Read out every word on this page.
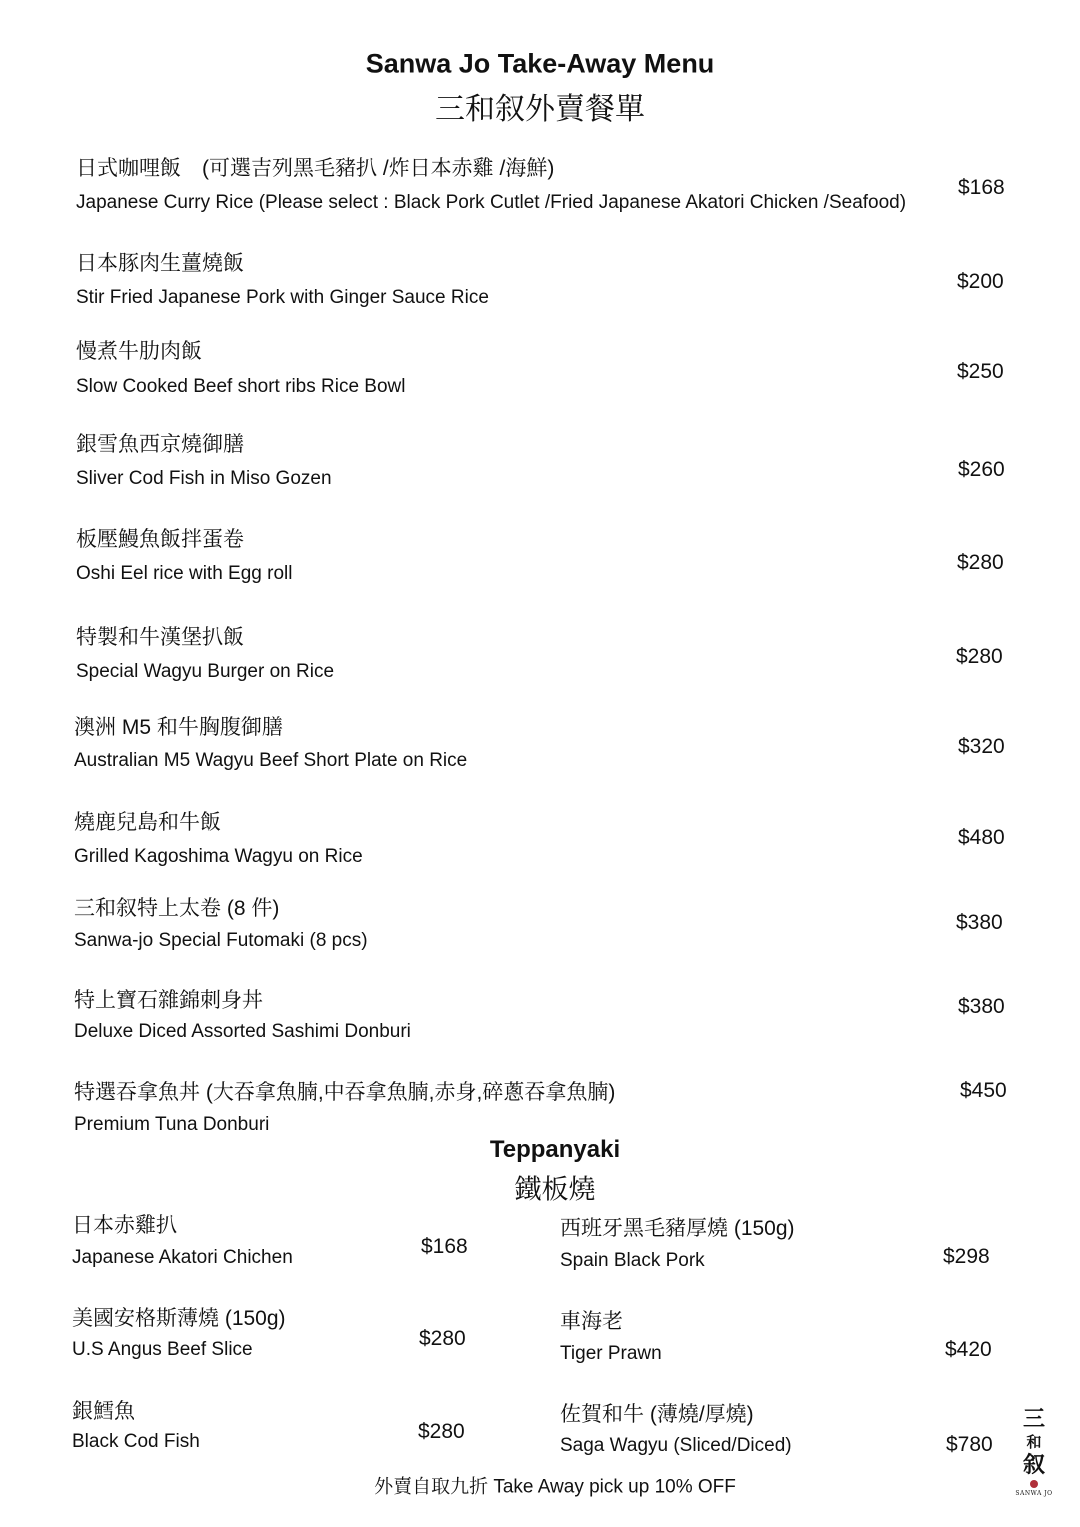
Sanwa Jo Take-Away Menu
三和叙外賣餐單
日式咖哩飯　(可選吉列黑毛豬扒 /炸日本赤雞 /海鮮)
Japanese Curry Rice (Please select : Black Pork Cutlet /Fried Japanese Akatori Chicken /Seafood)
$168
日本豚肉生薑燒飯
Stir Fried Japanese Pork with Ginger Sauce Rice
$200
慢煮牛肋肉飯
Slow Cooked Beef short ribs Rice Bowl
$250
銀雪魚西京燒御膳
Sliver Cod Fish in Miso Gozen	$260
板壓鰻魚飯拌蛋卷
Oshi Eel rice with Egg roll	$280
特製和牛漢堡扒飯
Special Wagyu Burger on Rice
$280
澳洲 M5 和牛胸腹御膳
Australian M5 Wagyu Beef Short Plate on Rice
$320
燒鹿兒島和牛飯
Grilled Kagoshima Wagyu on Rice
$480
三和叙特上太卷 (8 件)
Sanwa-jo Special Futomaki (8 pcs)
$380
特上寶石雜錦刺身丼
Deluxe Diced Assorted Sashimi Donburi
$380
特選吞拿魚丼 (大吞拿魚腩,中吞拿魚腩,赤身,碎蔥吞拿魚腩)
Premium Tuna Donburi
$450
Teppanyaki
鐵板燒
日本赤雞扒
Japanese Akatori Chichen	$168
美國安格斯薄燒 (150g)
U.S Angus Beef Slice	$280
銀鱈魚
Black Cod Fish	$280
西班牙黑毛豬厚燒 (150g)
Spain Black Pork	$298
車海老
Tiger Prawn	$420
佐賀和牛 (薄燒/厚燒)
Saga Wagyu (Sliced/Diced)	$780
外賣自取九折 Take Away pick up 10% OFF
三
和
叙
SANWA JO
